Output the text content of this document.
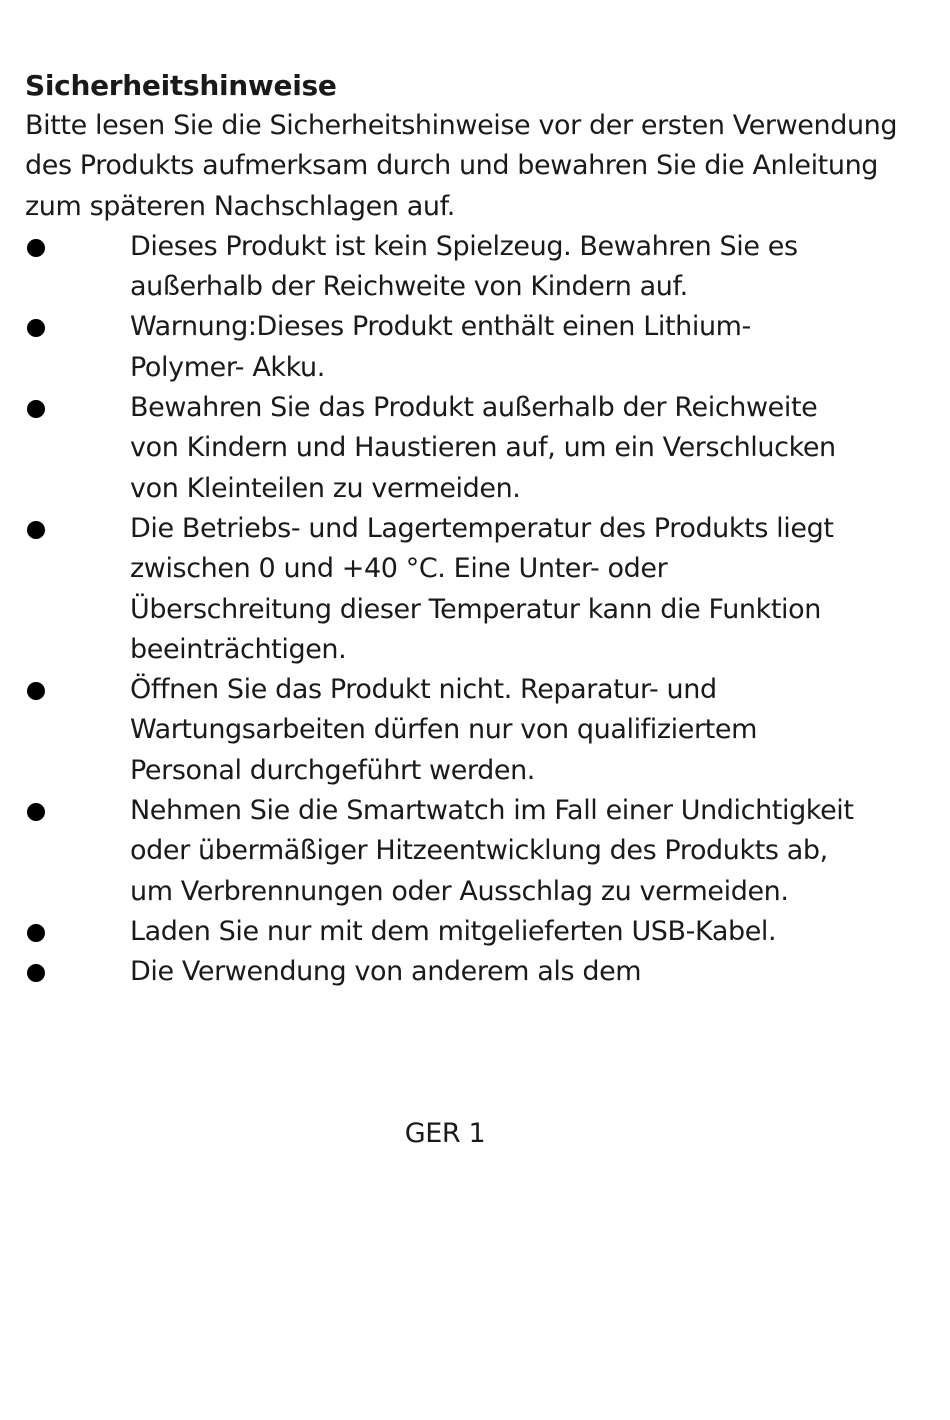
Sicherheitshinweise

Bitte lesen Sie die Sicherheitshinweise vor der ersten Verwendung des Produkts aufmerksam durch und bewahren Sie die Anleitung zum späteren Nachschlagen auf.

Dieses Produkt ist kein Spielzeug. Bewahren Sie es außerhalb der Reichweite von Kindern auf.
Warnung:Dieses Produkt enthält einen Lithium-Polymer- Akku.
Bewahren Sie das Produkt außerhalb der Reichweite von Kindern und Haustieren auf, um ein Verschlucken von Kleinteilen zu vermeiden.
Die Betriebs- und Lagertemperatur des Produkts liegt zwischen 0 und +40 °C. Eine Unter- oder Überschreitung dieser Temperatur kann die Funktion beeinträchtigen.
Öffnen Sie das Produkt nicht. Reparatur- und Wartungsarbeiten dürfen nur von qualifiziertem Personal durchgeführt werden.
Nehmen Sie die Smartwatch im Fall einer Undichtigkeit oder übermäßiger Hitzeentwicklung des Produkts ab, um Verbrennungen oder Ausschlag zu vermeiden.
Laden Sie nur mit dem mitgelieferten USB-Kabel.
Die Verwendung von anderem als dem
GER 1
